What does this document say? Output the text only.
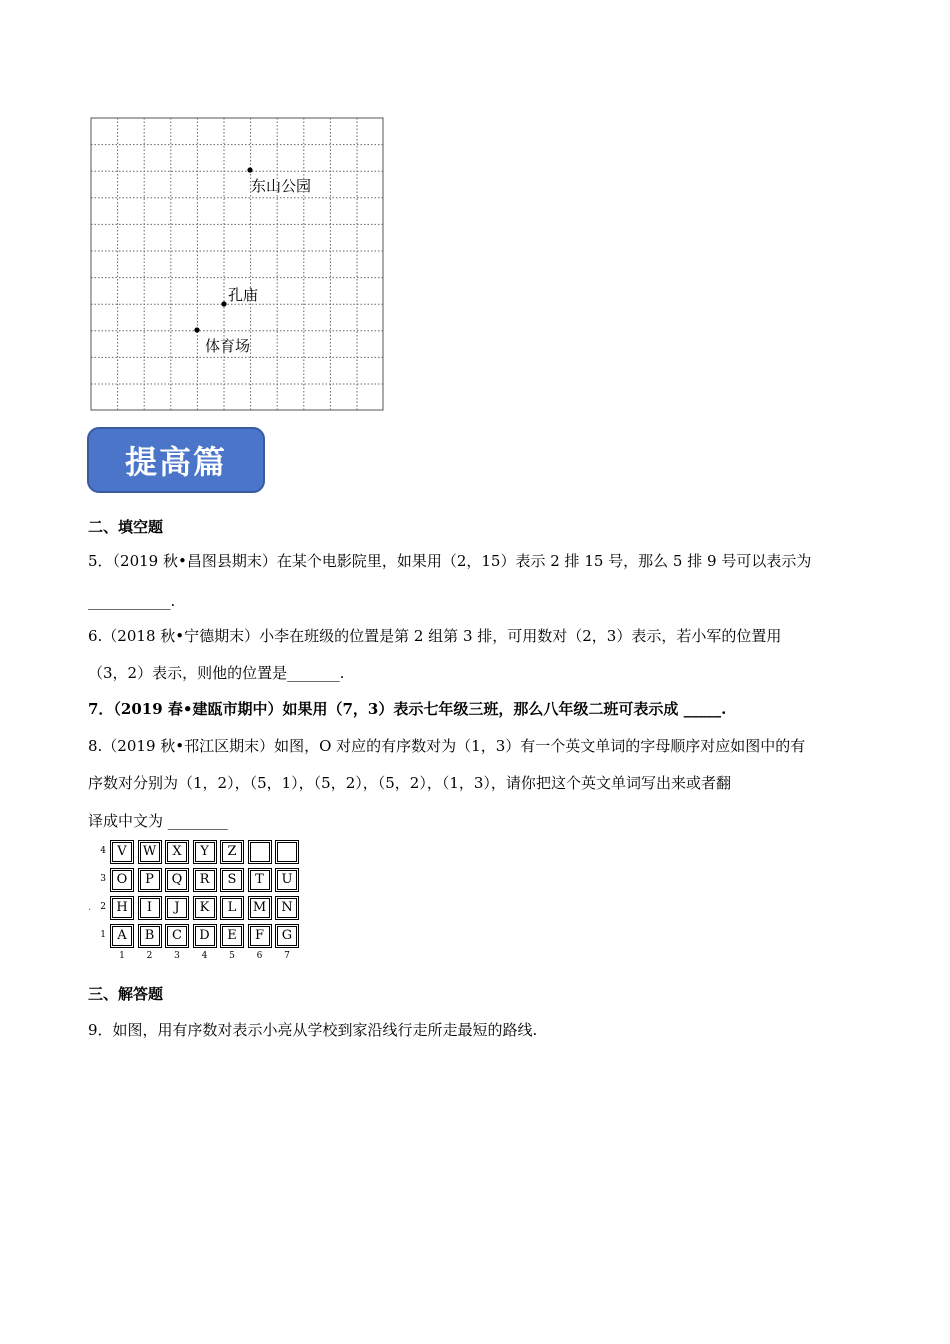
东山公园
孔庙
体育场
提高篇
二、填空题
5．（2019 秋•昌图县期末）在某个电影院里，如果用（2，15）表示 2 排 15 号，那么 5 排 9 号可以表示为
___________.
6.（2018 秋•宁德期末）小李在班级的位置是第 2 组第 3 排，可用数对（2，3）表示，若小军的位置用
（3，2）表示，则他的位置是_______.
7．（2019 春•建瓯市期中）如果用（7，3）表示七年级三班，那么八年级二班可表示成 _____.
8.（2019 秋•邗江区期末）如图，O 对应的有序数对为（1，3）有一个英文单词的字母顺序对应如图中的有
序数对分别为（1，2），（5，1），（5，2），（5，2），（1，3），请你把这个英文单词写出来或者翻
译成中文为 ________
·
4 V	W	X	Y	Z
3 O	P	Q	R	S	T	U
2 H	I	J	K	L	M	N
1 A	B	C	D	E	F	G
1	2	3	4	5	6	7
三、解答题
9．如图，用有序数对表示小亮从学校到家沿线行走所走最短的路线.
